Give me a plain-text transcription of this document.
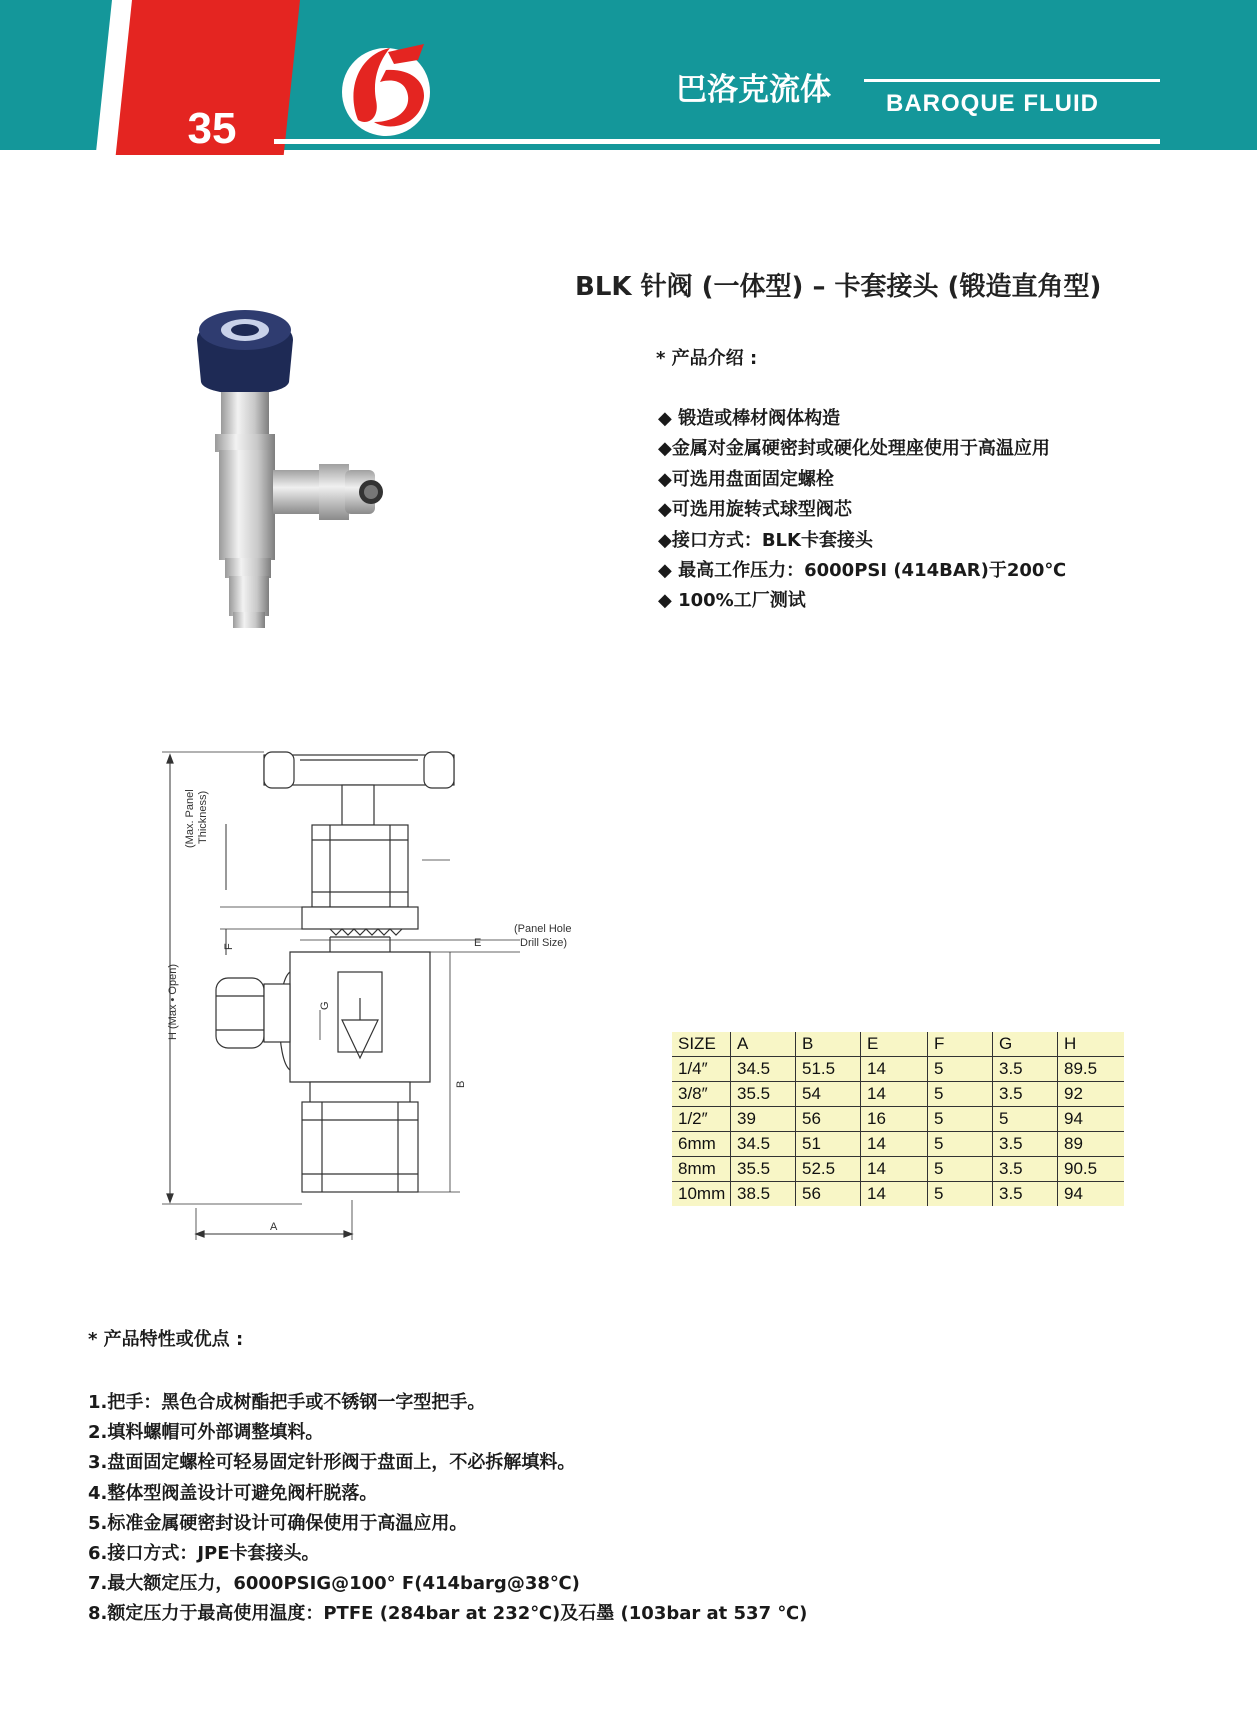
35
巴洛克流体 BAROQUE FLUID
BLK 针阀 (一体型) – 卡套接头 (锻造直角型)
* 产品介绍 :
◆ 锻造或棒材阀体构造
◆金属对金属硬密封或硬化处理座使用于高温应用
◆可选用盘面固定螺栓
◆可选用旋转式球型阀芯
◆接口方式：BLK卡套接头
◆ 最高工作压力：6000PSI (414BAR)于200℃
◆ 100%工厂测试
(Max. Panel Thickness)
(Panel Hole
Drill Size)
H (Max • Open)
F	E
G
B
A
SIZE	A	B	E	F	G	H
1/4″	34.5	51.5	14	5	3.5	89.5
3/8″	35.5	54	14	5	3.5	92
1/2″	39	56	16	5	5	94
6mm	34.5	51	14	5	3.5	89
8mm	35.5	52.5	14	5	3.5	90.5
10mm	38.5	56	14	5	3.5	94
* 产品特性或优点 :
1.把手：黑色合成树酯把手或不锈钢一字型把手。
2.填料螺帽可外部调整填料。
3.盘面固定螺栓可轻易固定针形阀于盘面上，不必拆解填料。
4.整体型阀盖设计可避免阀杆脱落。
5.标准金属硬密封设计可确保使用于高温应用。
6.接口方式：JPE卡套接头。
7.最大额定压力，6000PSIG@100° F(414barg@38℃)
8.额定压力于最高使用温度：PTFE (284bar at 232℃)及石墨 (103bar at 537 ℃)
